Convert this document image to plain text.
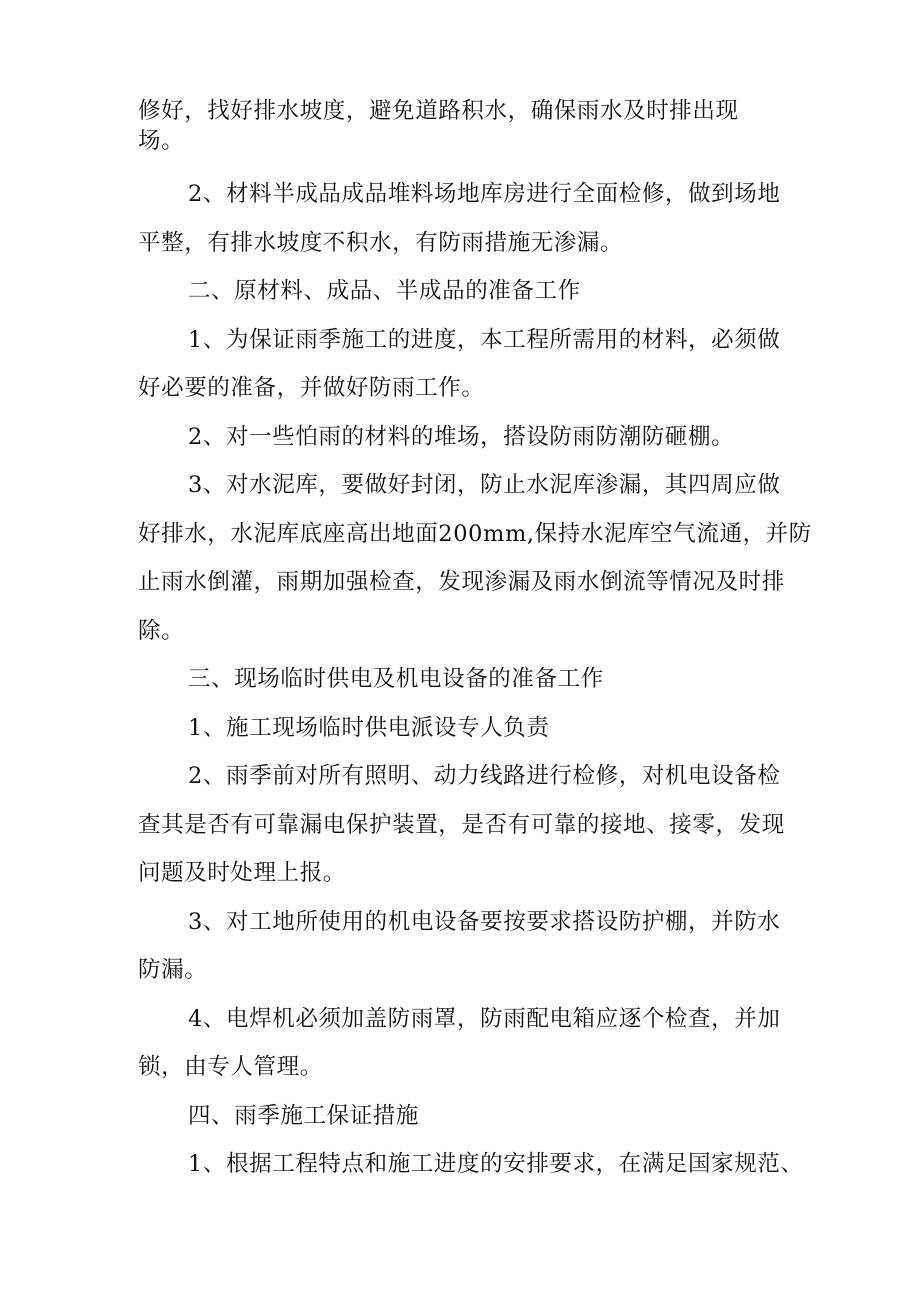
修好，找好排水坡度，避免道路积水，确保雨水及时排出现
场。
2、材料半成品成品堆料场地库房进行全面检修，做到场地
平整，有排水坡度不积水，有防雨措施无渗漏。
二、原材料、成品、半成品的准备工作
1、为保证雨季施工的进度，本工程所需用的材料，必须做
好必要的准备，并做好防雨工作。
2、对一些怕雨的材料的堆场，搭设防雨防潮防砸棚。
3、对水泥库，要做好封闭，防止水泥库渗漏，其四周应做
好排水，水泥库底座高出地面200mm,保持水泥库空气流通，并防
止雨水倒灌，雨期加强检查，发现渗漏及雨水倒流等情况及时排
除。
三、现场临时供电及机电设备的准备工作
1、施工现场临时供电派设专人负责
2、雨季前对所有照明、动力线路进行检修，对机电设备检
查其是否有可靠漏电保护装置，是否有可靠的接地、接零，发现
问题及时处理上报。
3、对工地所使用的机电设备要按要求搭设防护棚，并防水
防漏。
4、电焊机必须加盖防雨罩，防雨配电箱应逐个检查，并加
锁，由专人管理。
四、雨季施工保证措施
1、根据工程特点和施工进度的安排要求，在满足国家规范、
